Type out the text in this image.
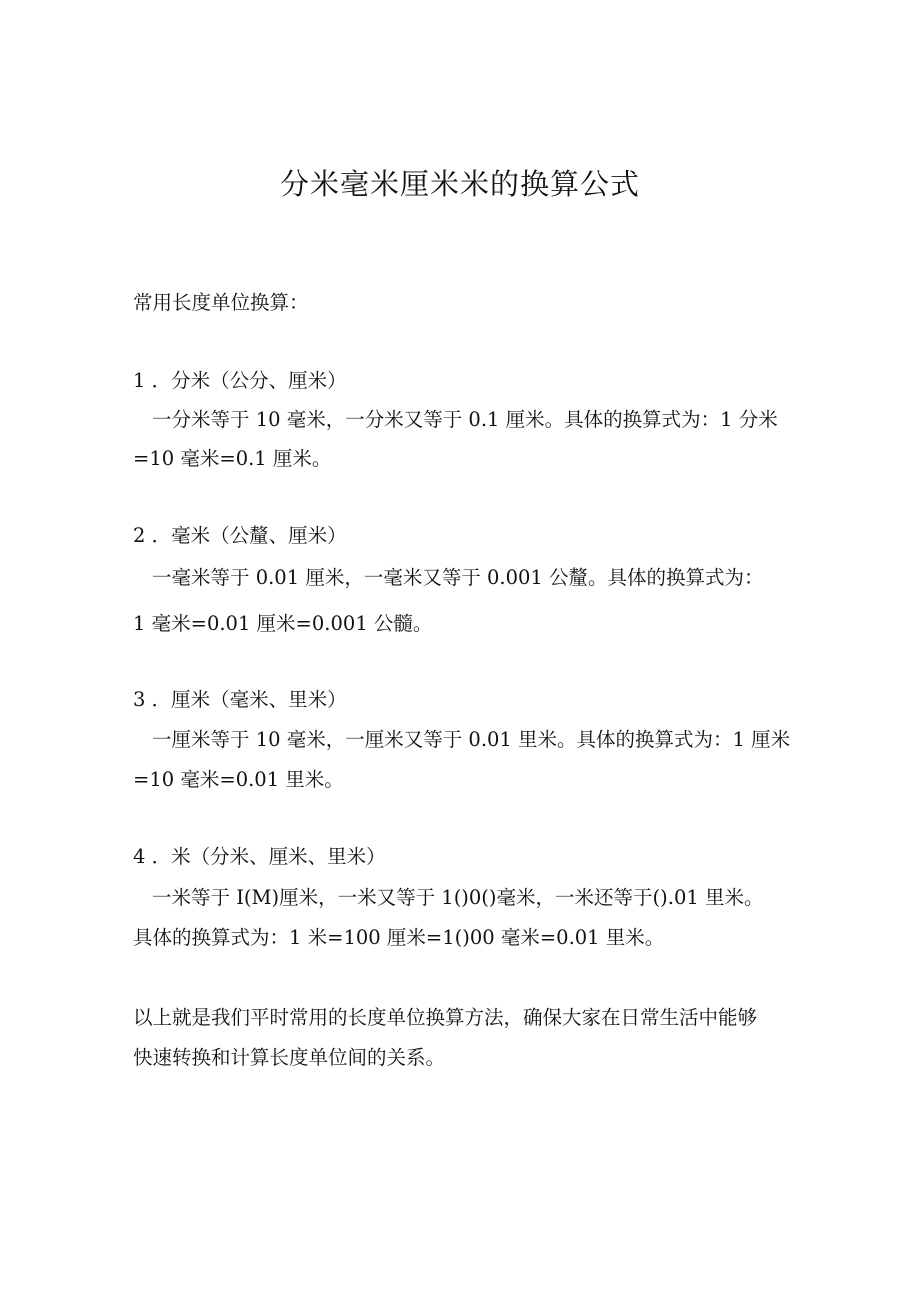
分米毫米厘米米的换算公式
常用长度单位换算：
1 ．分米（公分、厘米）
一分米等于 10 毫米，一分米又等于 0.1 厘米。具体的换算式为：1 分米
=10 毫米=0.1 厘米。
2 ．毫米（公釐、厘米）
一毫米等于 0.01 厘米，一毫米又等于 0.001 公釐。具体的换算式为：
1 毫米=0.01 厘米=0.001 公髓。
3 ．厘米（毫米、里米）
一厘米等于 10 毫米，一厘米又等于 0.01 里米。具体的换算式为：1 厘米
=10 毫米=0.01 里米。
4 ．米（分米、厘米、里米）
一米等于 I(M)厘米，一米又等于 1()0()毫米，一米还等于().01 里米。
具体的换算式为：1 米=100 厘米=1()00 毫米=0.01 里米。
以上就是我们平时常用的长度单位换算方法，确保大家在日常生活中能够
快速转换和计算长度单位间的关系。
